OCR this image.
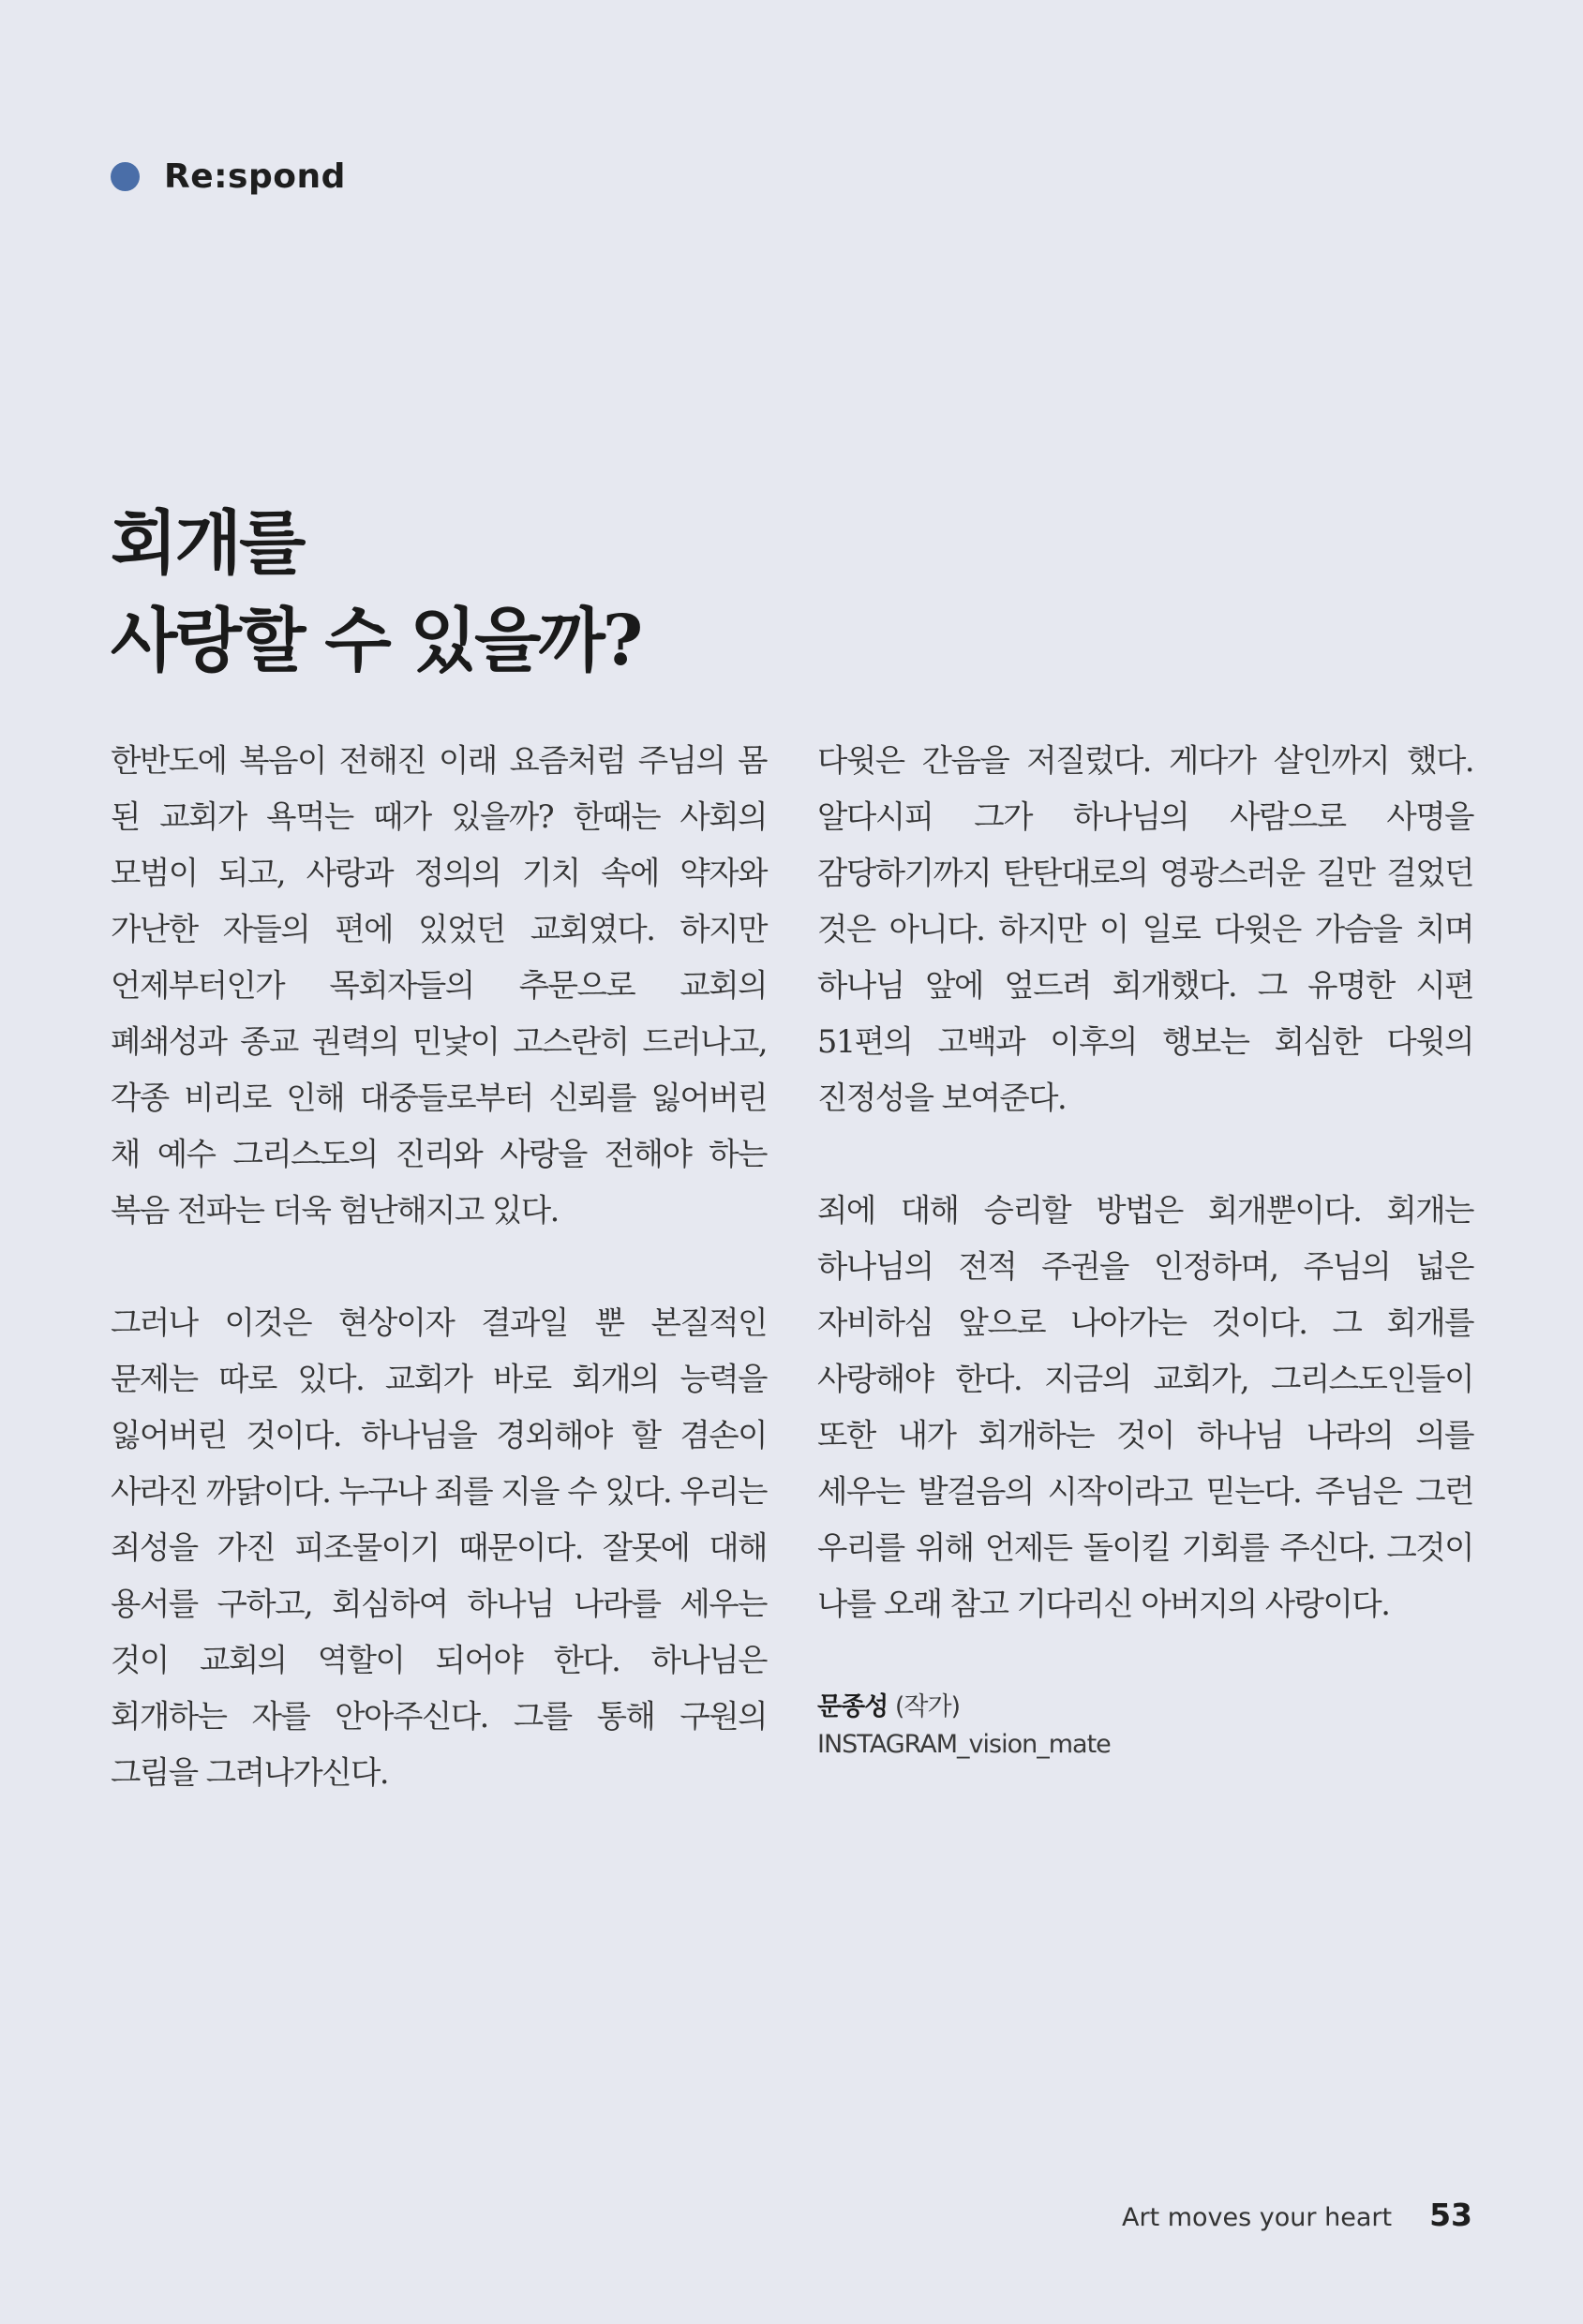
Re:spond
회개를
사랑할 수 있을까?

한반도에 복음이 전해진 이래 요즘처럼 주님의 몸 된 교회가 욕먹는 때가 있을까? 한때는 사회의 모범이 되고, 사랑과 정의의 기치 속에 약자와 가난한 자들의 편에 있었던 교회였다. 하지만 언제부터인가 목회자들의 추문으로 교회의 폐쇄성과 종교 권력의 민낯이 고스란히 드러나고, 각종 비리로 인해 대중들로부터 신뢰를 잃어버린 채 예수 그리스도의 진리와 사랑을 전해야 하는 복음 전파는 더욱 험난해지고 있다.

그러나 이것은 현상이자 결과일 뿐 본질적인 문제는 따로 있다. 교회가 바로 회개의 능력을 잃어버린 것이다. 하나님을 경외해야 할 겸손이 사라진 까닭이다. 누구나 죄를 지을 수 있다. 우리는 죄성을 가진 피조물이기 때문이다. 잘못에 대해 용서를 구하고, 회심하여 하나님 나라를 세우는 것이 교회의 역할이 되어야 한다. 하나님은 회개하는 자를 안아주신다. 그를 통해 구원의 그림을 그려나가신다.

다윗은 간음을 저질렀다. 게다가 살인까지 했다. 알다시피 그가 하나님의 사람으로 사명을 감당하기까지 탄탄대로의 영광스러운 길만 걸었던 것은 아니다. 하지만 이 일로 다윗은 가슴을 치며 하나님 앞에 엎드려 회개했다. 그 유명한 시편 51편의 고백과 이후의 행보는 회심한 다윗의 진정성을 보여준다.

죄에 대해 승리할 방법은 회개뿐이다. 회개는 하나님의 전적 주권을 인정하며, 주님의 넓은 자비하심 앞으로 나아가는 것이다. 그 회개를 사랑해야 한다. 지금의 교회가, 그리스도인들이 또한 내가 회개하는 것이 하나님 나라의 의를 세우는 발걸음의 시작이라고 믿는다. 주님은 그런 우리를 위해 언제든 돌이킬 기회를 주신다. 그것이 나를 오래 참고 기다리신 아버지의 사랑이다.

문종성 (작가)
INSTAGRAM_vision_mate
Art moves your heart 53
